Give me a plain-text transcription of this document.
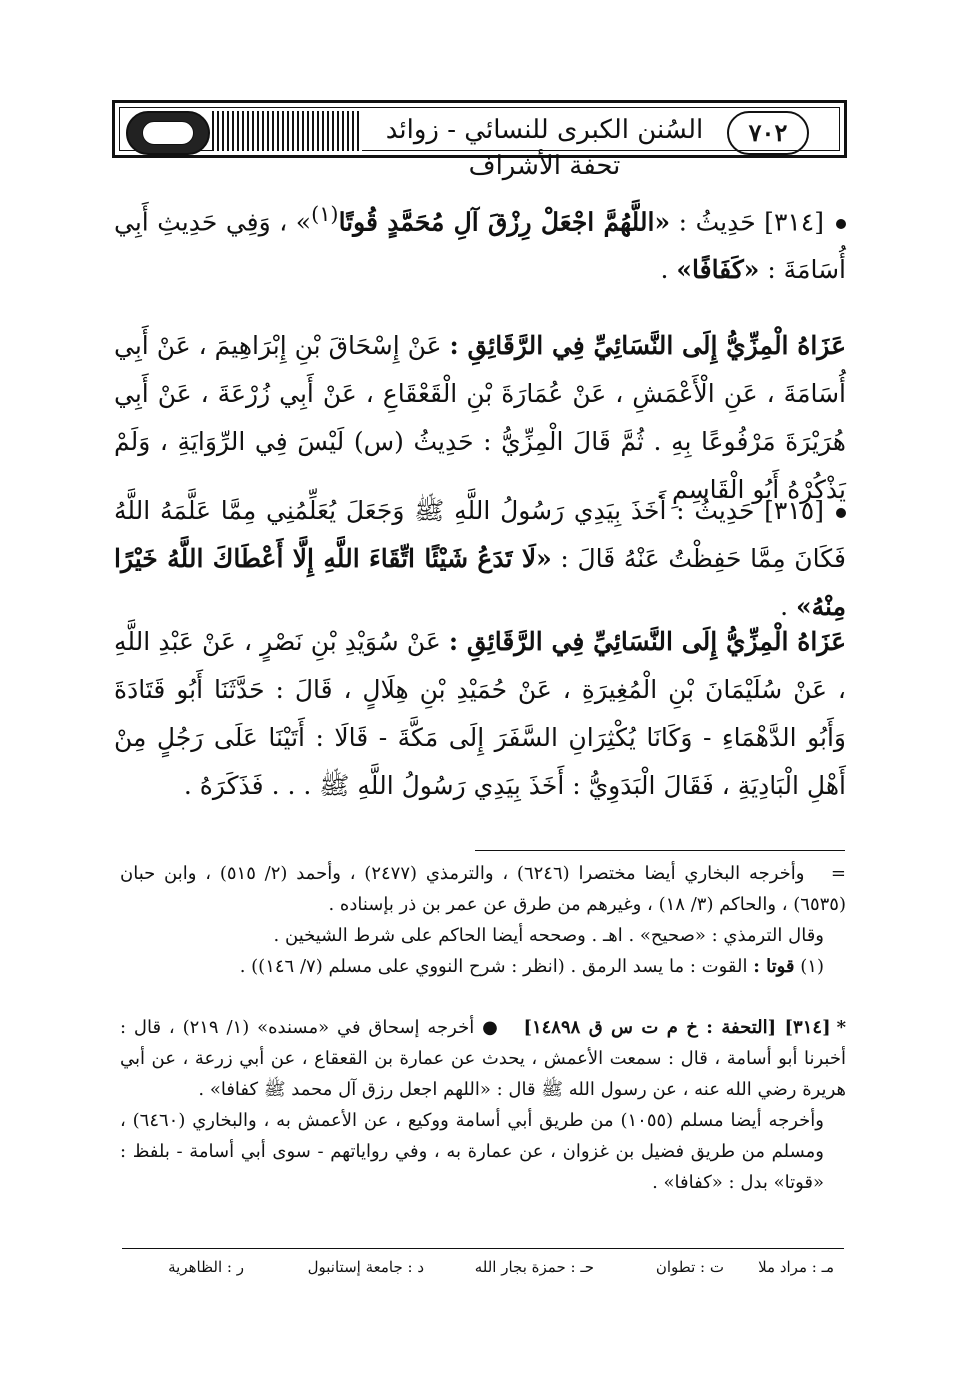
السُنن الكبرى للنسائي - زوائد تحفة الأشراف
٧٠٢
[٣١٤] حَدِيثُ : «اللَّهُمَّ اجْعَلْ رِزْقَ آلِ مُحَمَّدٍ قُوتًا$^{(١)}$» ، وَفِي حَدِيثِ أَبِي أُسَامَةَ : «كَفَافًا» .
عَزَاهُ الْمِزِّيُّ إِلَى النَّسَائِيِّ فِي الرَّقَائِقِ : عَنْ إِسْحَاقَ بْنِ إِبْرَاهِيمَ ، عَنْ أَبِي أُسَامَةَ ، عَنِ الْأَعْمَشِ ، عَنْ عُمَارَةَ بْنِ الْقَعْقَاعِ ، عَنْ أَبِي زُرْعَةَ ، عَنْ أَبِي هُرَيْرَةَ مَرْفُوعًا بِهِ . ثُمَّ قَالَ الْمِزِّيُّ : حَدِيثُ (س) لَيْسَ فِي الرِّوَايَةِ ، وَلَمْ يَذْكُرْهُ أَبُو الْقَاسِمِ .
[٣١٥] حَدِيثُ : أَخَذَ بِيَدِي رَسُولُ اللَّهِ ﷺ وَجَعَلَ يُعَلِّمُنِي مِمَّا عَلَّمَهُ اللَّهُ فَكَانَ مِمَّا حَفِظْتُ عَنْهُ قَالَ : «لَا تَدَعُ شَيْئًا اتِّقَاءَ اللَّهِ إِلَّا أَعْطَاكَ اللَّهُ خَيْرًا مِنْهُ» .
عَزَاهُ الْمِزِّيُّ إِلَى النَّسَائِيِّ فِي الرَّقَائِقِ : عَنْ سُوَيْدِ بْنِ نَصْرٍ ، عَنْ عَبْدِ اللَّهِ ، عَنْ سُلَيْمَانَ بْنِ الْمُغِيرَةِ ، عَنْ حُمَيْدِ بْنِ هِلَالٍ ، قَالَ : حَدَّثَنَا أَبُو قَتَادَةَ وَأَبُو الدَّهْمَاءِ - وَكَانَا يُكْثِرَانِ السَّفَرَ إِلَى مَكَّةَ - قَالَا : أَتَيْنَا عَلَى رَجُلٍ مِنْ أَهْلِ الْبَادِيَةِ ، فَقَالَ الْبَدَوِيُّ : أَخَذَ بِيَدِي رَسُولُ اللَّهِ ﷺ . . . فَذَكَرَهُ .
=   وأخرجه البخاري أيضا مختصرا (٦٢٤٦) ، والترمذي (٢٤٧٧) ، وأحمد (٢/ ٥١٥) ، وابن حبان (٦٥٣٥) ، والحاكم (٣/ ١٨) ، وغيرهم من طرق عن عمر بن ذر بإسناده .
وقال الترمذي : «صحيح» . اهـ . وصححه أيضا الحاكم على شرط الشيخين .
(١) قوتا : القوت : ما يسد الرمق . (انظر : شرح النووي على مسلم (٧/ ١٤٦)) .
*[٣١٤] [التحفة : خ م ت س ق ١٤٨٩٨]   ● أخرجه إسحاق في «مسنده» (١/ ٢١٩) ، قال : أخبرنا أبو أسامة ، قال : سمعت الأعمش ، يحدث عن عمارة بن القعقاع ، عن أبي زرعة ، عن أبي هريرة رضي الله عنه ، عن رسول الله ﷺ قال : «اللهم اجعل رزق آل محمد ﷺ كفافا» .
وأخرجه أيضا مسلم (١٠٥٥) من طريق أبي أسامة ووكيع ، عن الأعمش به ، والبخاري (٦٤٦٠) ، ومسلم من طريق فضيل بن غزوان ، عن عمارة به ، وفي رواياتهم - سوى أبي أسامة - بلفظ : «قوتا» بدل : «كفافا» .
مـ : مراد ملا
ت : تطوان
حـ : حمزة بجار الله
د : جامعة إستانبول
ر : الظاهرية
